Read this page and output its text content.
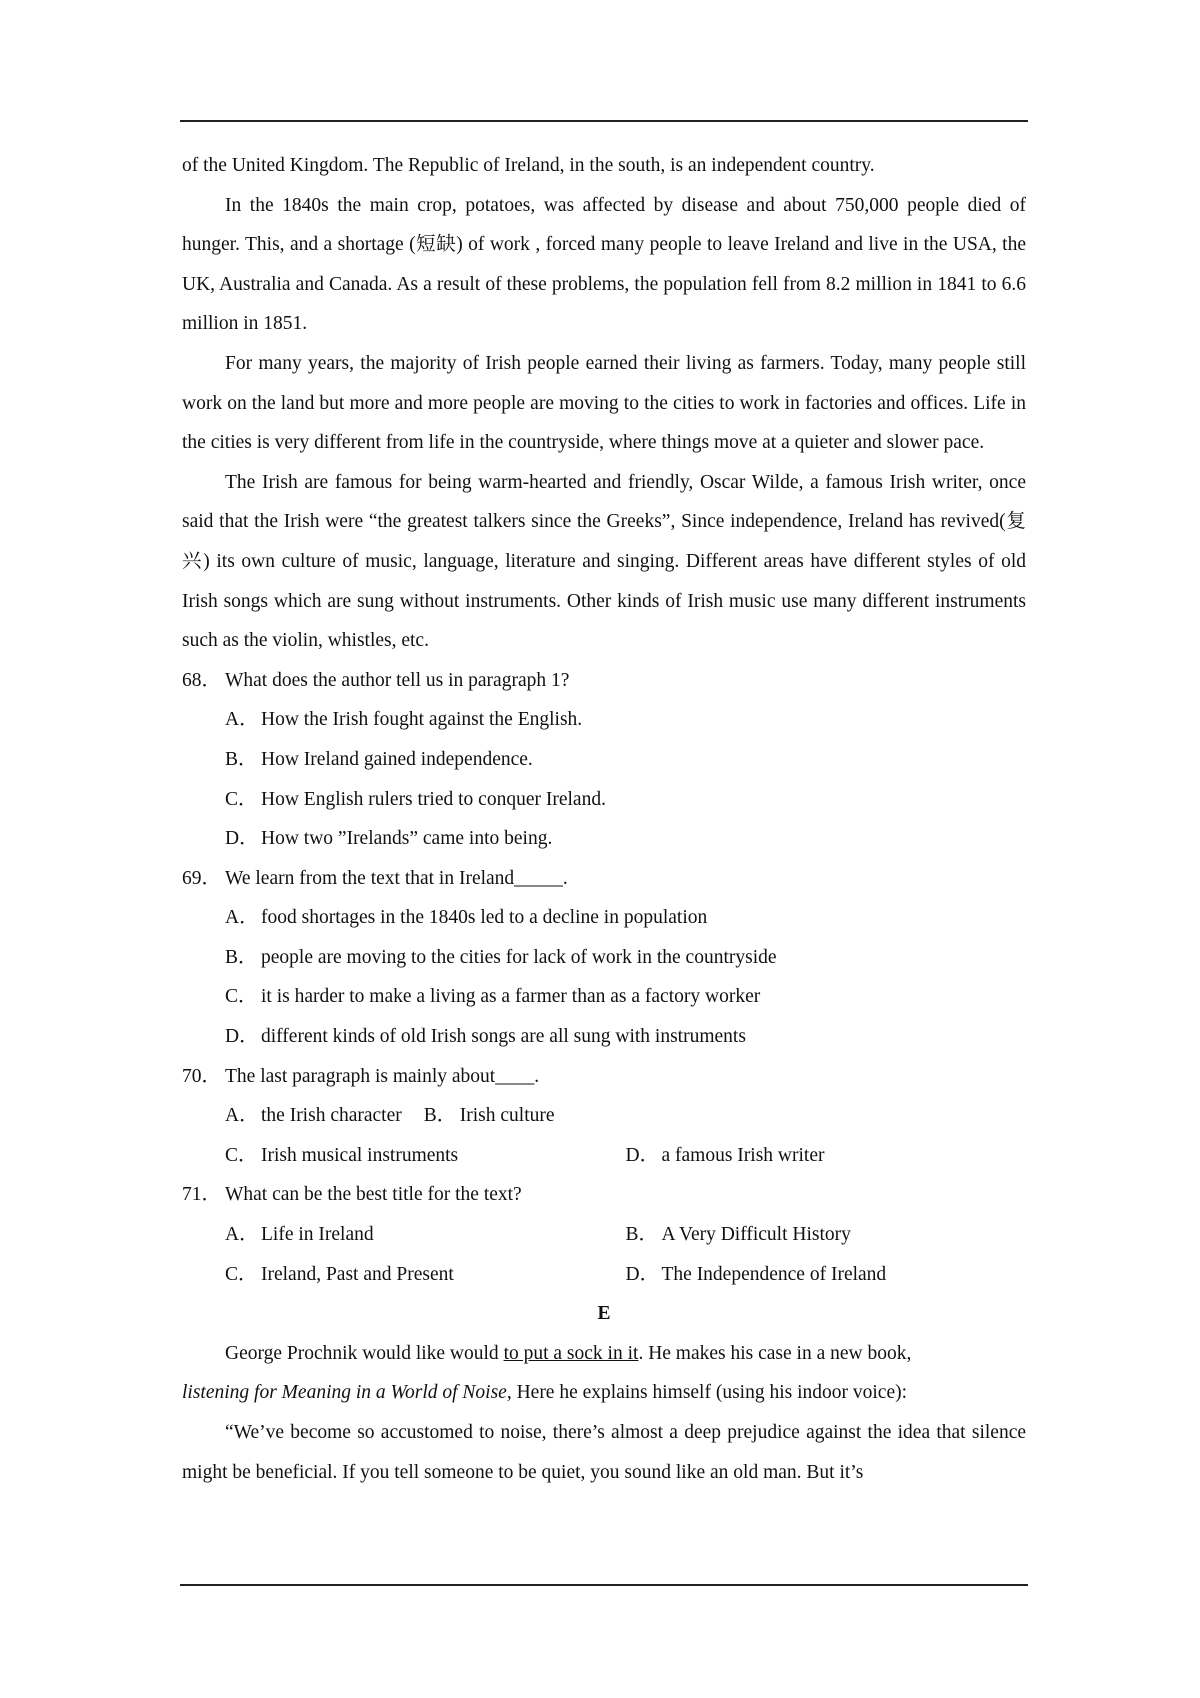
of the United Kingdom. The Republic of Ireland, in the south, is an independent country.

In the 1840s the main crop, potatoes, was affected by disease and about 750,000 people died of hunger. This, and a shortage (短缺) of work , forced many people to leave Ireland and live in the USA, the UK, Australia and Canada. As a result of these problems, the population fell from 8.2 million in 1841 to 6.6 million in 1851.

For many years, the majority of Irish people earned their living as farmers. Today, many people still work on the land but more and more people are moving to the cities to work in factories and offices. Life in the cities is very different from life in the countryside, where things move at a quieter and slower pace.

The Irish are famous for being warm-hearted and friendly, Oscar Wilde, a famous Irish writer, once said that the Irish were “the greatest talkers since the Greeks”, Since independence, Ireland has revived(复兴) its own culture of music, language, literature and singing. Different areas have different styles of old Irish songs which are sung without instruments. Other kinds of Irish music use many different instruments such as the violin, whistles, etc.

68． What does the author tell us in paragraph 1?

A． How the Irish fought against the English.

B． How Ireland gained independence.

C． How English rulers tried to conquer Ireland.

D． How two ”Irelands” came into being.

69． We learn from the text that in Ireland_____.

A． food shortages in the 1840s led to a decline in population

B． people are moving to the cities for lack of work in the countryside

C． it is harder to make a living as a farmer than as a factory worker

D． different kinds of old Irish songs are all sung with instruments

70． The last paragraph is mainly about____.

A． the Irish character B． Irish culture
C． Irish musical instruments	D． a famous Irish writer

71． What can be the best title for the text?

A． Life in Ireland	B． A Very Difficult History
C． Ireland, Past and Present	D． The Independence of Ireland

E

George Prochnik would like would to put a sock in it. He makes his case in a new book,

listening for Meaning in a World of Noise, Here he explains himself (using his indoor voice):

“We’ve become so accustomed to noise, there’s almost a deep prejudice against the idea that silence might be beneficial. If you tell someone to be quiet, you sound like an old man. But it’s
